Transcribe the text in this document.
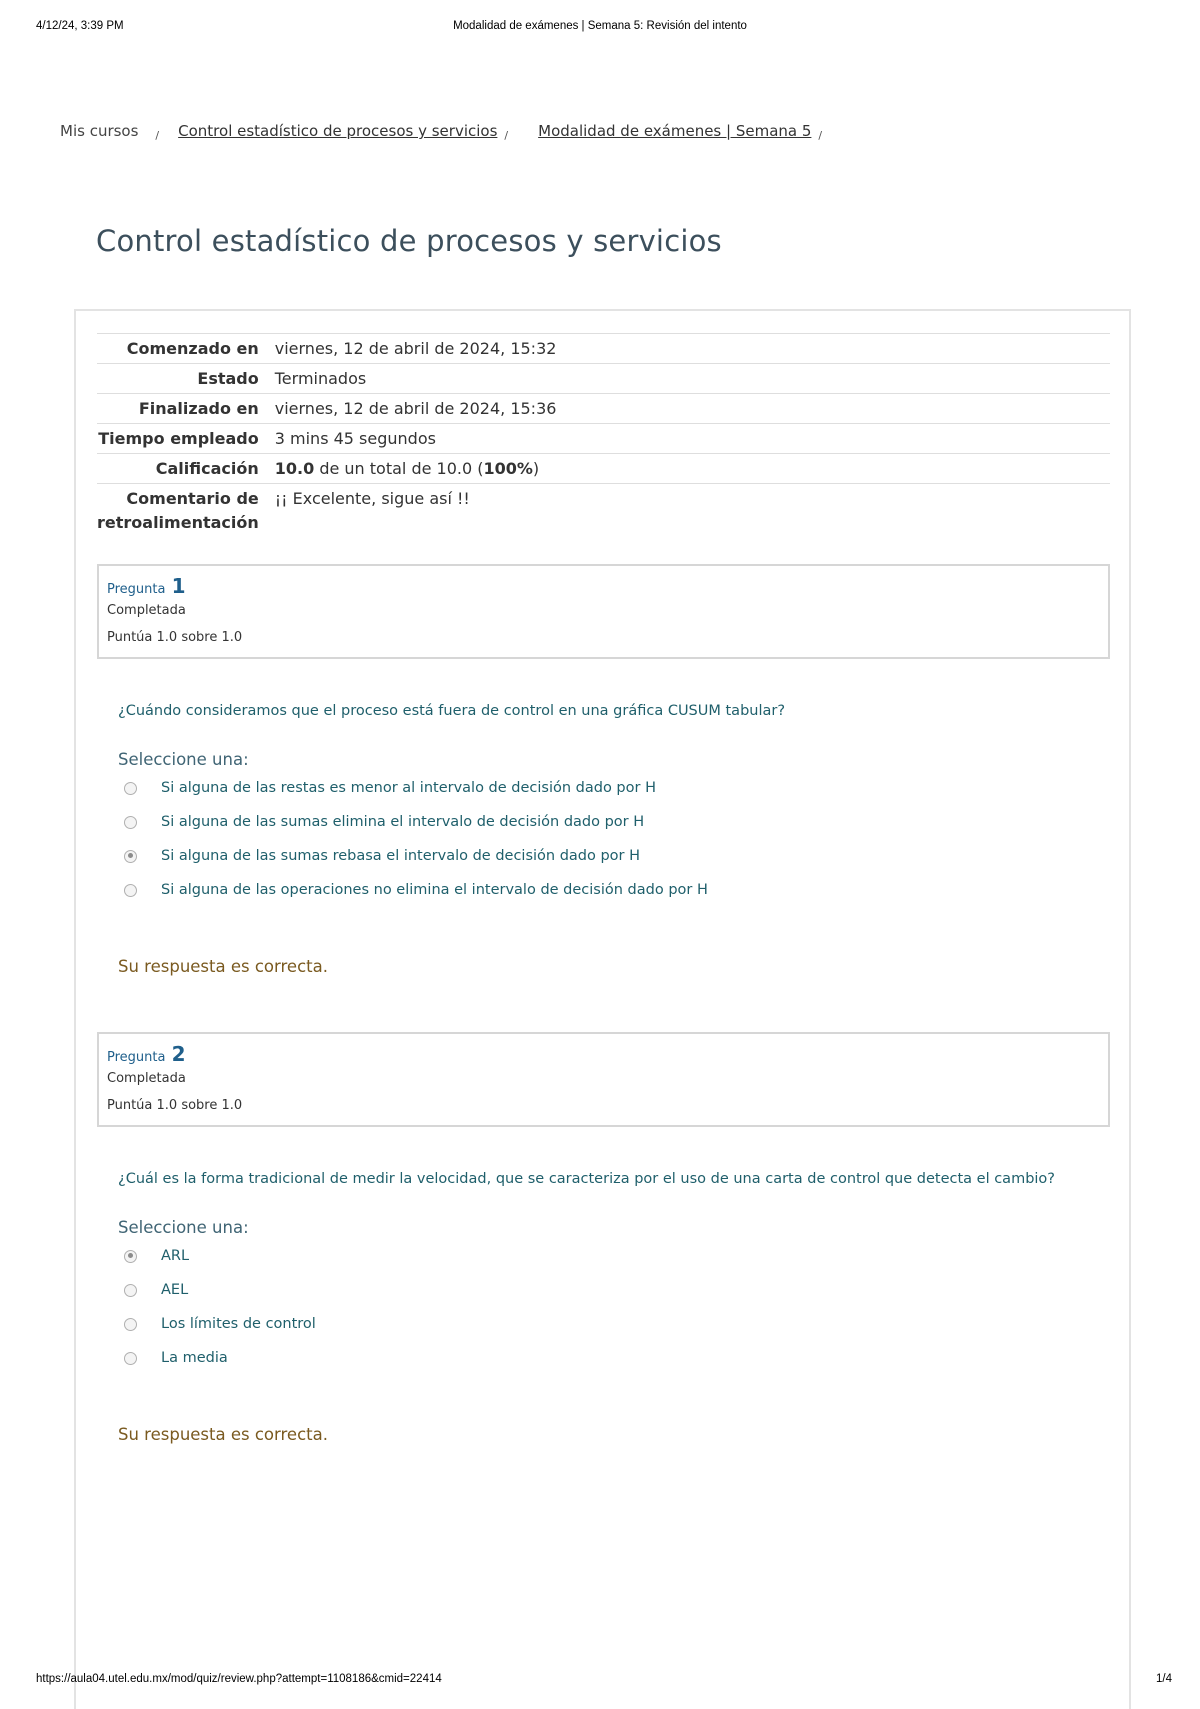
4/12/24, 3:39 PM	Modalidad de exámenes | Semana 5: Revisión del intento
Mis cursos / Control estadístico de procesos y servicios / Modalidad de exámenes | Semana 5 /
Control estadístico de procesos y servicios
Comenzado en	viernes, 12 de abril de 2024, 15:32
Estado	Terminados
Finalizado en	viernes, 12 de abril de 2024, 15:36
Tiempo empleado	3 mins 45 segundos
Calificación	10.0 de un total de 10.0 (100%)
Comentario de retroalimentación	¡¡ Excelente, sigue así !!
Pregunta 1
Completada
Puntúa 1.0 sobre 1.0
¿Cuándo consideramos que el proceso está fuera de control en una gráfica CUSUM tabular?
Seleccione una:
Si alguna de las restas es menor al intervalo de decisión dado por H
Si alguna de las sumas elimina el intervalo de decisión dado por H
Si alguna de las sumas rebasa el intervalo de decisión dado por H
Si alguna de las operaciones no elimina el intervalo de decisión dado por H
Su respuesta es correcta.
Pregunta 2
Completada
Puntúa 1.0 sobre 1.0
¿Cuál es la forma tradicional de medir la velocidad, que se caracteriza por el uso de una carta de control que detecta el cambio?
Seleccione una:
ARL
AEL
Los límites de control
La media
Su respuesta es correcta.
https://aula04.utel.edu.mx/mod/quiz/review.php?attempt=1108186&cmid=22414	1/4
